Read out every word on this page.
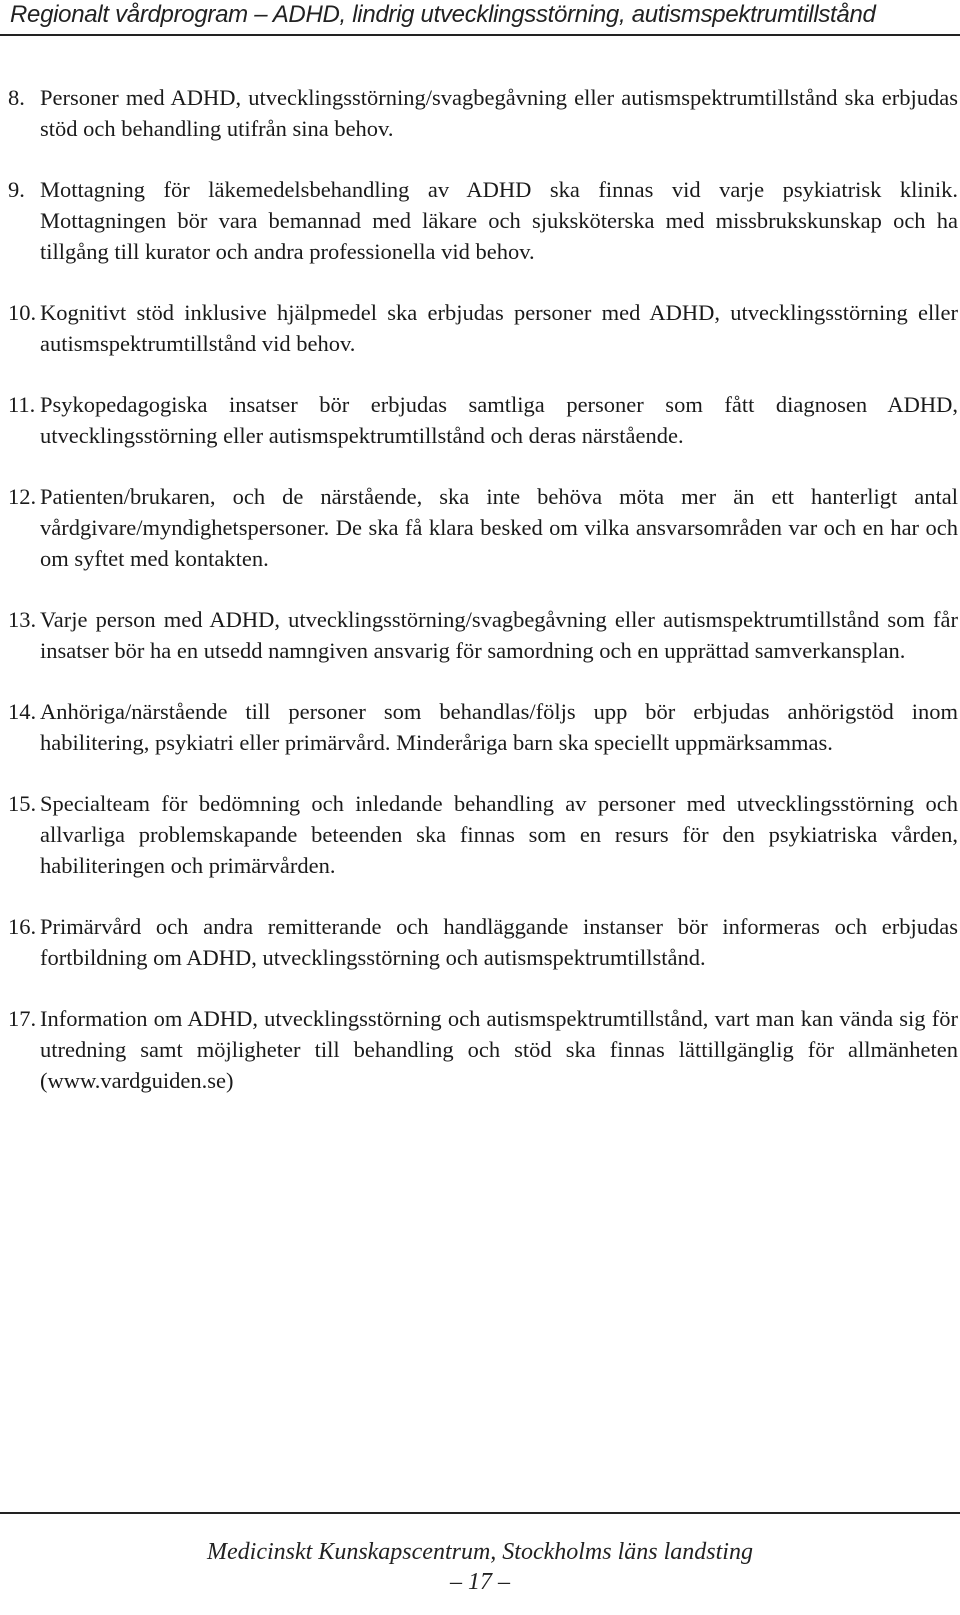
Regionalt vårdprogram – ADHD, lindrig utvecklingsstörning, autismspektrumtillstånd
8. Personer med ADHD, utvecklingsstörning/svagbegåvning eller autismspektrumtillstånd ska erbjudas stöd och behandling utifrån sina behov.
9. Mottagning för läkemedelsbehandling av ADHD ska finnas vid varje psykiatrisk klinik. Mottagningen bör vara bemannad med läkare och sjuksköterska med missbrukskunskap och ha tillgång till kurator och andra professionella vid behov.
10. Kognitivt stöd inklusive hjälpmedel ska erbjudas personer med ADHD, utvecklingsstörning eller autismspektrumtillstånd vid behov.
11. Psykopedagogiska insatser bör erbjudas samtliga personer som fått diagnosen ADHD, utvecklingsstörning eller autismspektrumtillstånd och deras närstående.
12. Patienten/brukaren, och de närstående, ska inte behöva möta mer än ett hanterligt antal vårdgivare/myndighetspersoner. De ska få klara besked om vilka ansvarsområden var och en har och om syftet med kontakten.
13. Varje person med ADHD, utvecklingsstörning/svagbegåvning eller autismspektrumtillstånd som får insatser bör ha en utsedd namngiven ansvarig för samordning och en upprättad samverkansplan.
14. Anhöriga/närstående till personer som behandlas/följs upp bör erbjudas anhörigstöd inom habilitering, psykiatri eller primärvård. Minderåriga barn ska speciellt uppmärksammas.
15. Specialteam för bedömning och inledande behandling av personer med utvecklingsstörning och allvarliga problemskapande beteenden ska finnas som en resurs för den psykiatriska vården, habiliteringen och primärvården.
16. Primärvård och andra remitterande och handläggande instanser bör informeras och erbjudas fortbildning om ADHD, utvecklingsstörning och autismspektrumtillstånd.
17. Information om ADHD, utvecklingsstörning och autismspektrumtillstånd, vart man kan vända sig för utredning samt möjligheter till behandling och stöd ska finnas lättillgänglig för allmänheten (www.vardguiden.se)
Medicinskt Kunskapscentrum, Stockholms läns landsting
– 17 –
